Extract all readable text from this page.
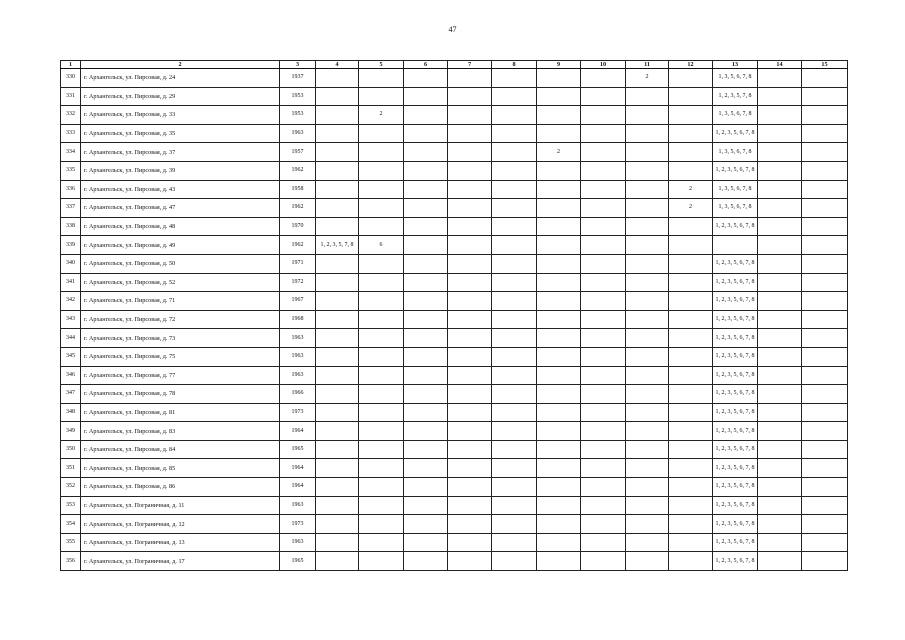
47
1	2	3	4	5	6	7	8	9	10	11	12	13	14	15
330	г. Архангельск, ул. Пирсовая, д. 24	1937								2		1, 3, 5, 6, 7, 8		
331	г. Архангельск, ул. Пирсовая, д. 29	1953										1, 2, 3, 5, 7, 8		
332	г. Архангельск, ул. Пирсовая, д. 33	1953		2								1, 3, 5, 6, 7, 8		
333	г. Архангельск, ул. Пирсовая, д. 35	1963										1, 2, 3, 5, 6, 7, 8		
334	г. Архангельск, ул. Пирсовая, д. 37	1957						2				1, 3, 5, 6, 7, 8		
335	г. Архангельск, ул. Пирсовая, д. 39	1962										1, 2, 3, 5, 6, 7, 8		
336	г. Архангельск, ул. Пирсовая, д. 43	1958									2	1, 3, 5, 6, 7, 8		
337	г. Архангельск, ул. Пирсовая, д. 47	1962									2	1, 3, 5, 6, 7, 8		
338	г. Архангельск, ул. Пирсовая, д. 48	1970										1, 2, 3, 5, 6, 7, 8		
339	г. Архангельск, ул. Пирсовая, д. 49	1962	1, 2, 3, 5, 7, 8	6										
340	г. Архангельск, ул. Пирсовая, д. 50	1971										1, 2, 3, 5, 6, 7, 8		
341	г. Архангельск, ул. Пирсовая, д. 52	1972										1, 2, 3, 5, 6, 7, 8		
342	г. Архангельск, ул. Пирсовая, д. 71	1967										1, 2, 3, 5, 6, 7, 8		
343	г. Архангельск, ул. Пирсовая, д. 72	1968										1, 2, 3, 5, 6, 7, 8		
344	г. Архангельск, ул. Пирсовая, д. 73	1963										1, 2, 3, 5, 6, 7, 8		
345	г. Архангельск, ул. Пирсовая, д. 75	1963										1, 2, 3, 5, 6, 7, 8		
346	г. Архангельск, ул. Пирсовая, д. 77	1963										1, 2, 3, 5, 6, 7, 8		
347	г. Архангельск, ул. Пирсовая, д. 78	1966										1, 2, 3, 5, 6, 7, 8		
348	г. Архангельск, ул. Пирсовая, д. 81	1973										1, 2, 3, 5, 6, 7, 8		
349	г. Архангельск, ул. Пирсовая, д. 83	1964										1, 2, 3, 5, 6, 7, 8		
350	г. Архангельск, ул. Пирсовая, д. 84	1965										1, 2, 3, 5, 6, 7, 8		
351	г. Архангельск, ул. Пирсовая, д. 85	1964										1, 2, 3, 5, 6, 7, 8		
352	г. Архангельск, ул. Пирсовая, д. 86	1964										1, 2, 3, 5, 6, 7, 8		
353	г. Архангельск, ул. Пограничная, д. 11	1963										1, 2, 3, 5, 6, 7, 8		
354	г. Архангельск, ул. Пограничная, д. 12	1973										1, 2, 3, 5, 6, 7, 8		
355	г. Архангельск, ул. Пограничная, д. 13	1963										1, 2, 3, 5, 6, 7, 8		
356	г. Архангельск, ул. Пограничная, д. 17	1965										1, 2, 3, 5, 6, 7, 8		
